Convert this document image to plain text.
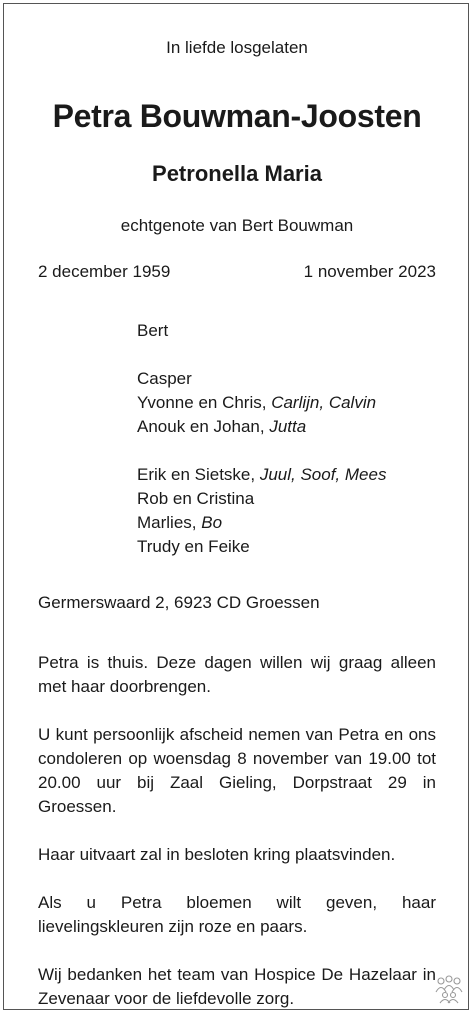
In liefde losgelaten
Petra Bouwman-Joosten
Petronella Maria
echtgenote van Bert Bouwman
2 december 1959	1 november 2023
Bert
Casper
Yvonne en Chris, Carlijn, Calvin
Anouk en Johan, Jutta
Erik en Sietske, Juul, Soof, Mees
Rob en Cristina
Marlies, Bo
Trudy en Feike
Germerswaard 2, 6923 CD Groessen

Petra is thuis. Deze dagen willen wij graag alleen met haar doorbrengen.

U kunt persoonlijk afscheid nemen van Petra en ons condoleren op woensdag 8 november van 19.00 tot 20.00 uur bij Zaal Gieling, Dorpstraat 29 in Groessen.

Haar uitvaart zal in besloten kring plaatsvinden.

Als u Petra bloemen wilt geven, haar lievelingskleuren zijn roze en paars.

Wij bedanken het team van Hospice De Hazelaar in Zevenaar voor de liefdevolle zorg.
